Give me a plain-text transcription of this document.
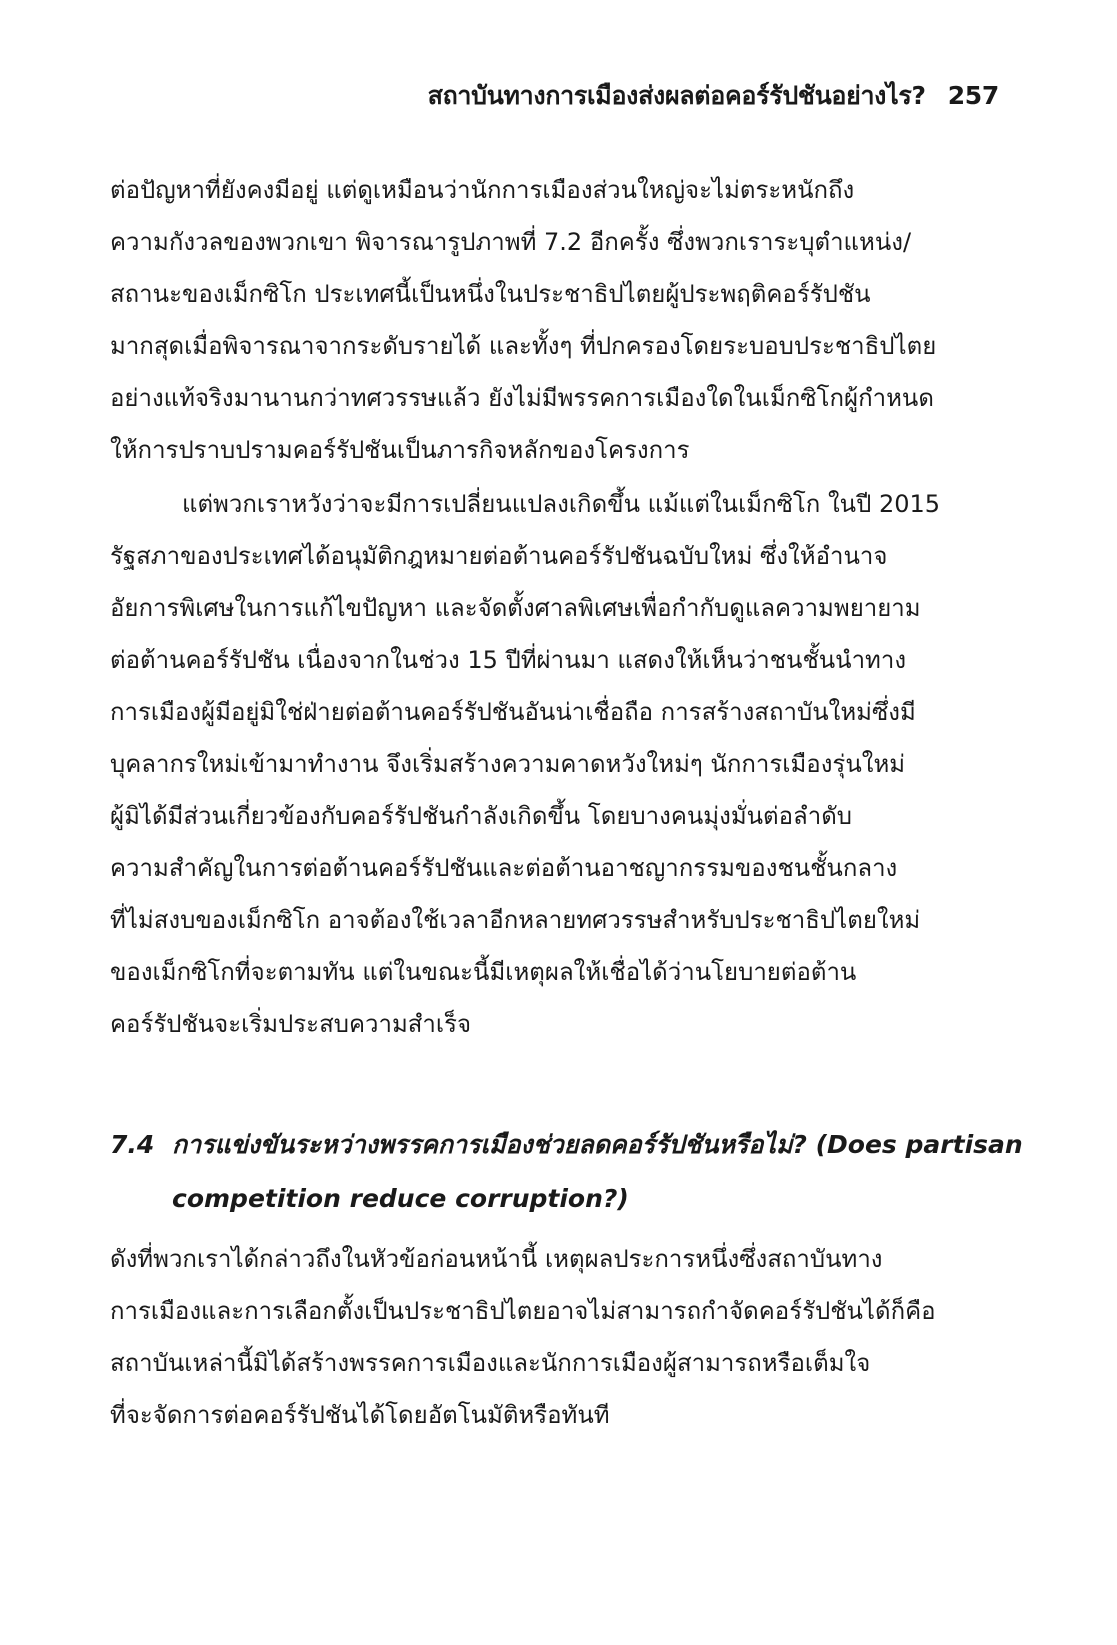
สถาบันทางการเมืองส่งผลต่อคอร์รัปชันอย่างไร? 257
ต่อปัญหาที่ยังคงมีอยู่ แต่ดูเหมือนว่านักการเมืองส่วนใหญ่จะไม่ตระหนักถึง
ความกังวลของพวกเขา พิจารณารูปภาพที่ 7.2 อีกครั้ง ซึ่งพวกเราระบุตำแหน่ง/
สถานะของเม็กซิโก ประเทศนี้เป็นหนึ่งในประชาธิปไตยผู้ประพฤติคอร์รัปชัน
มากสุดเมื่อพิจารณาจากระดับรายได้ และทั้งๆ ที่ปกครองโดยระบอบประชาธิปไตย
อย่างแท้จริงมานานกว่าทศวรรษแล้ว ยังไม่มีพรรคการเมืองใดในเม็กซิโกผู้กำหนด
ให้การปราบปรามคอร์รัปชันเป็นภารกิจหลักของโครงการ
แต่พวกเราหวังว่าจะมีการเปลี่ยนแปลงเกิดขึ้น แม้แต่ในเม็กซิโก ในปี 2015
รัฐสภาของประเทศได้อนุมัติกฎหมายต่อต้านคอร์รัปชันฉบับใหม่ ซึ่งให้อำนาจ
อัยการพิเศษในการแก้ไขปัญหา และจัดตั้งศาลพิเศษเพื่อกำกับดูแลความพยายาม
ต่อต้านคอร์รัปชัน เนื่องจากในช่วง 15 ปีที่ผ่านมา แสดงให้เห็นว่าชนชั้นนำทาง
การเมืองผู้มีอยู่มิใช่ฝ่ายต่อต้านคอร์รัปชันอันน่าเชื่อถือ การสร้างสถาบันใหม่ซึ่งมี
บุคลากรใหม่เข้ามาทำงาน จึงเริ่มสร้างความคาดหวังใหม่ๆ นักการเมืองรุ่นใหม่
ผู้มิได้มีส่วนเกี่ยวข้องกับคอร์รัปชันกำลังเกิดขึ้น โดยบางคนมุ่งมั่นต่อลำดับ
ความสำคัญในการต่อต้านคอร์รัปชันและต่อต้านอาชญากรรมของชนชั้นกลาง
ที่ไม่สงบของเม็กซิโก อาจต้องใช้เวลาอีกหลายทศวรรษสำหรับประชาธิปไตยใหม่
ของเม็กซิโกที่จะตามทัน แต่ในขณะนี้มีเหตุผลให้เชื่อได้ว่านโยบายต่อต้าน
คอร์รัปชันจะเริ่มประสบความสำเร็จ
7.4 การแข่งขันระหว่างพรรคการเมืองช่วยลดคอร์รัปชันหรือไม่? (Does partisan
competition reduce corruption?)
ดังที่พวกเราได้กล่าวถึงในหัวข้อก่อนหน้านี้ เหตุผลประการหนึ่งซึ่งสถาบันทาง
การเมืองและการเลือกตั้งเป็นประชาธิปไตยอาจไม่สามารถกำจัดคอร์รัปชันได้ก็คือ
สถาบันเหล่านี้มิได้สร้างพรรคการเมืองและนักการเมืองผู้สามารถหรือเต็มใจ
ที่จะจัดการต่อคอร์รัปชันได้โดยอัตโนมัติหรือทันที
